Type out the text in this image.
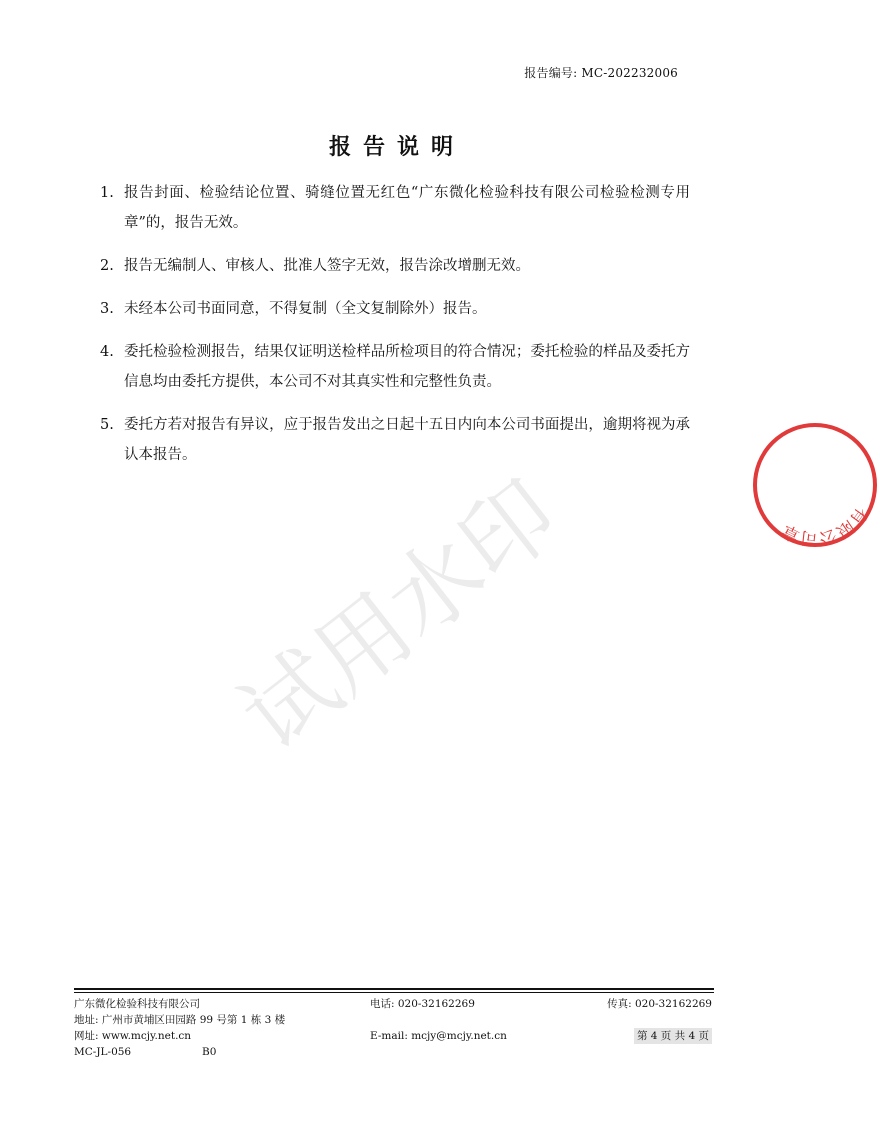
报告编号: MC-202232006
报告说明
1. 报告封面、检验结论位置、骑缝位置无红色“广东微化检验科技有限公司检验检测专用章”的，报告无效。
2. 报告无编制人、审核人、批准人签字无效，报告涂改增删无效。
3. 未经本公司书面同意，不得复制（全文复制除外）报告。
4. 委托检验检测报告，结果仅证明送检样品所检项目的符合情况；委托检验的样品及委托方信息均由委托方提供，本公司不对其真实性和完整性负责。
5. 委托方若对报告有异议，应于报告发出之日起十五日内向本公司书面提出，逾期将视为承认本报告。
试用水印	有限公司章
广东微化检验科技有限公司	电话: 020-32162269	传真: 020-32162269
地址: 广州市黄埔区田园路 99 号第 1 栋 3 楼
网址: www.mcjy.net.cn	E-mail: mcjy@mcjy.net.cn	第 4 页 共 4 页
MC-JL-056	B0
